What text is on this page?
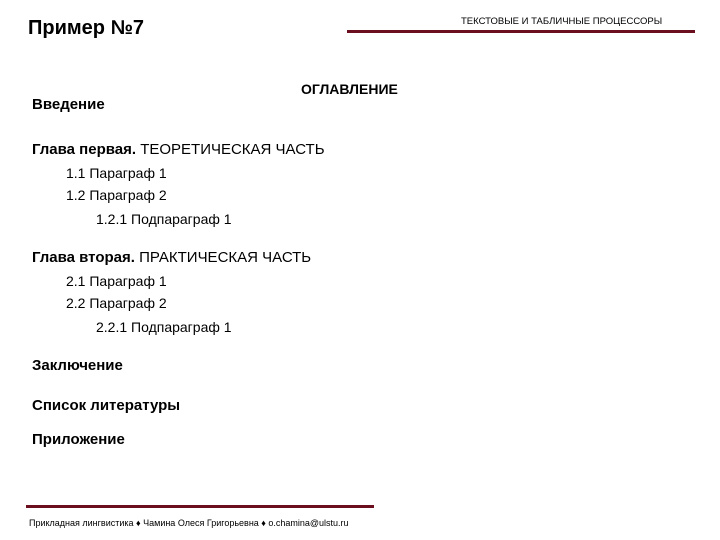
Пример №7	ТЕКСТОВЫЕ И ТАБЛИЧНЫЕ ПРОЦЕССОРЫ
ОГЛАВЛЕНИЕ
Введение
Глава первая. ТЕОРЕТИЧЕСКАЯ ЧАСТЬ
1.1 Параграф 1
1.2 Параграф 2
1.2.1 Подпараграф 1
Глава вторая. ПРАКТИЧЕСКАЯ ЧАСТЬ
2.1 Параграф 1
2.2 Параграф 2
2.2.1 Подпараграф 1
Заключение
Список литературы
Приложение
Прикладная лингвистика ♦ Чамина Олеся Григорьевна ♦ o.chamina@ulstu.ru
